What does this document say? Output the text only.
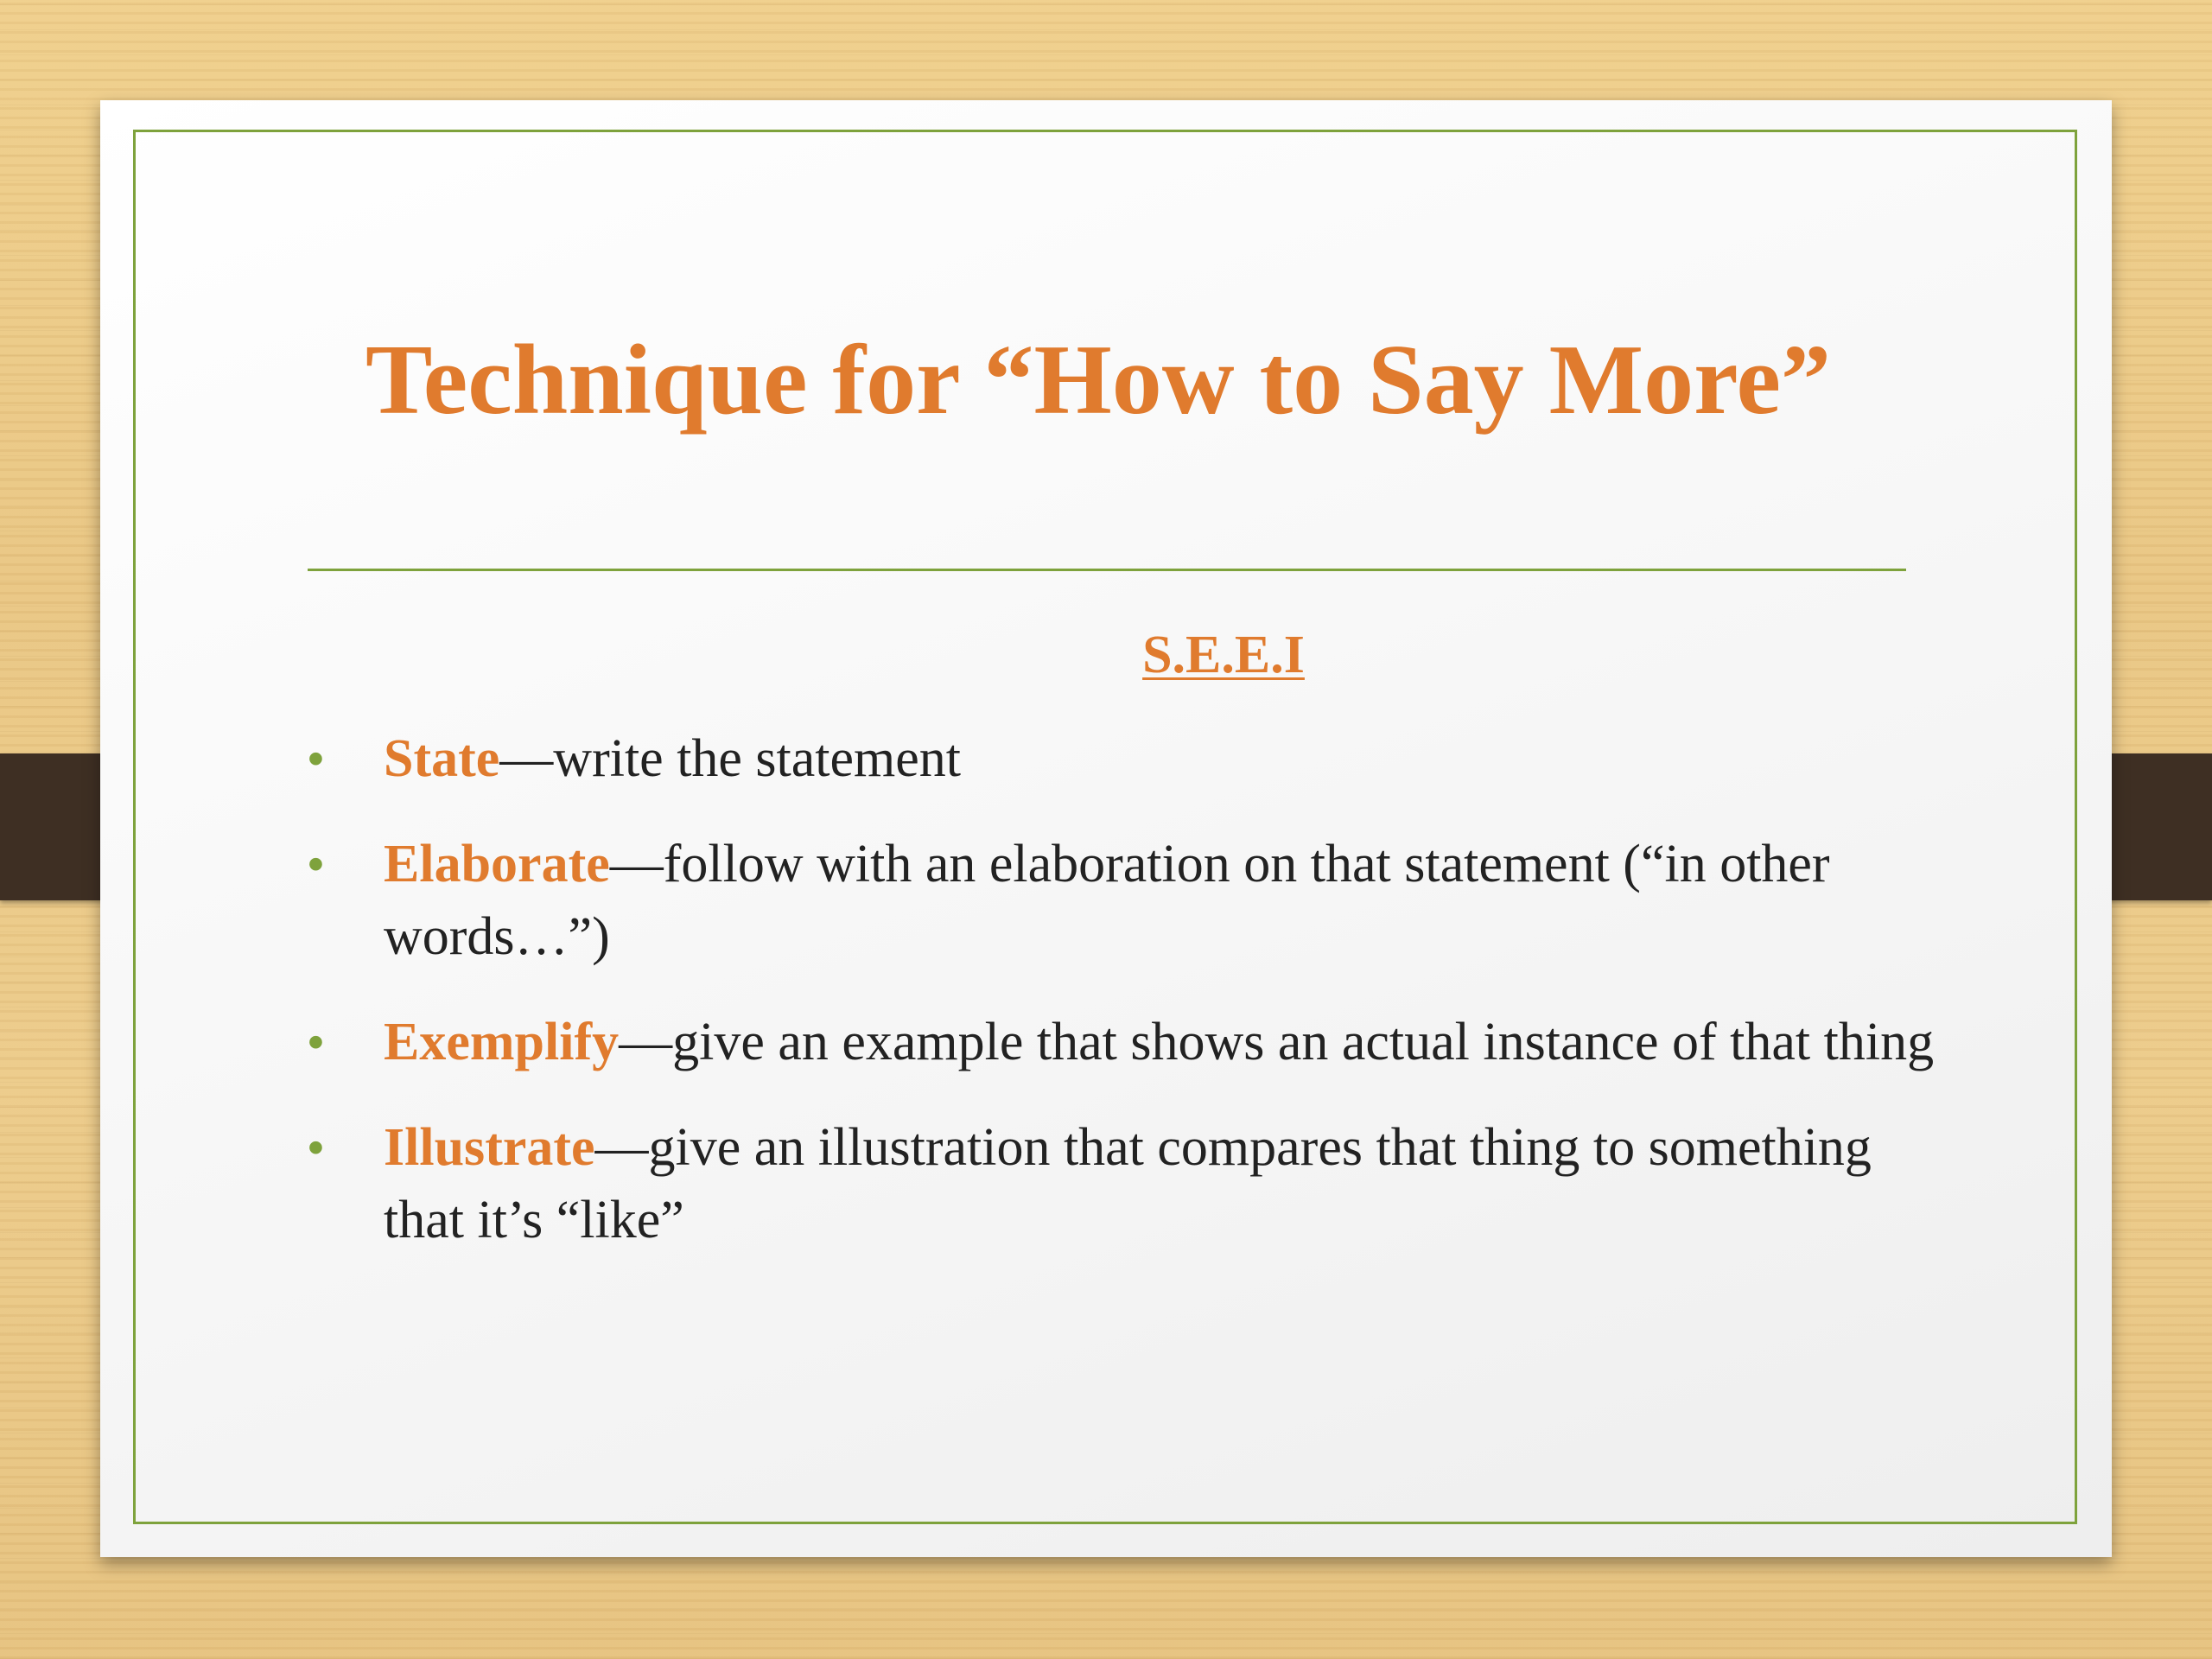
Technique for “How to Say More”
S.E.E.I
• State—write the statement
• Elaborate—follow with an elaboration on that statement (“in other words…”)
• Exemplify—give an example that shows an actual instance of that thing
• Illustrate—give an illustration that compares that thing to something that it’s “like”
